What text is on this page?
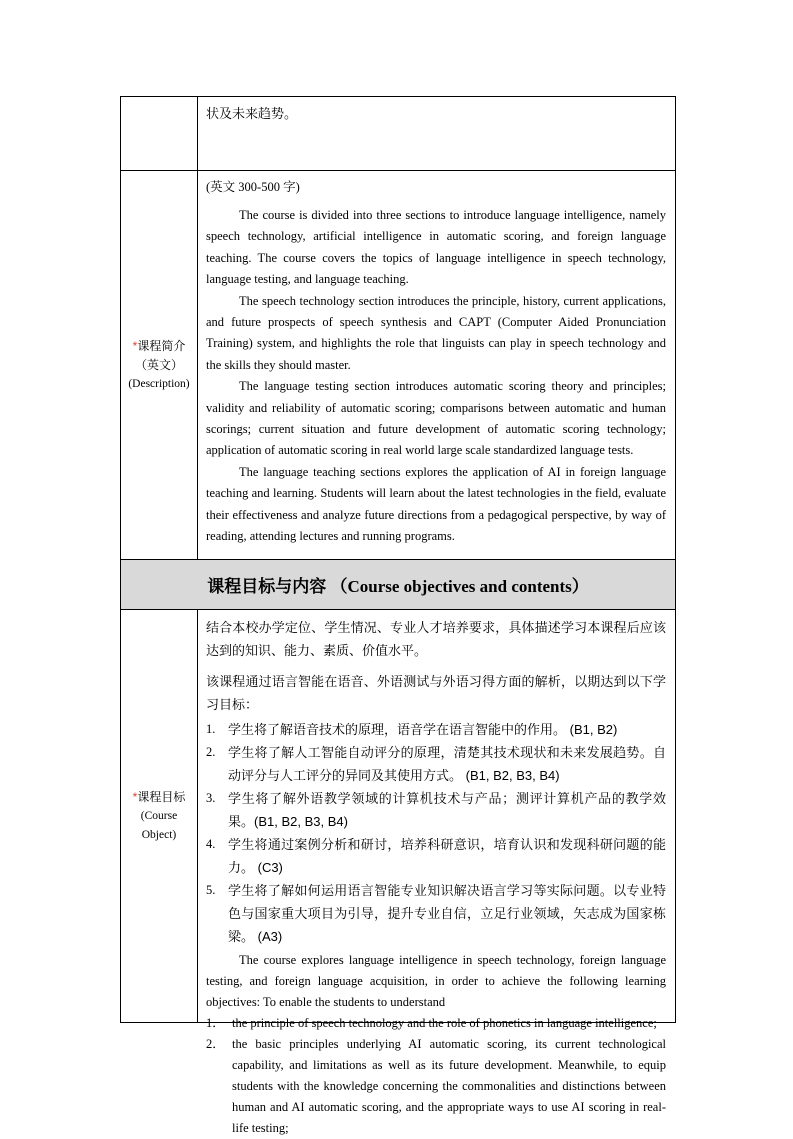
状及未来趋势。

*课程简介（英文）
(Description)

(英文 300-500 字)

The course is divided into three sections to introduce language intelligence, namely speech technology, artificial intelligence in automatic scoring, and foreign language teaching. The course covers the topics of language intelligence in speech technology, language testing, and language teaching.

The speech technology section introduces the principle, history, current applications, and future prospects of speech synthesis and CAPT (Computer Aided Pronunciation Training) system, and highlights the role that linguists can play in speech technology and the skills they should master.

The language testing section introduces automatic scoring theory and principles; validity and reliability of automatic scoring; comparisons between automatic and human scorings; current situation and future development of automatic scoring technology; application of automatic scoring in real world large scale standardized language tests.

The language teaching sections explores the application of AI in foreign language teaching and learning. Students will learn about the latest technologies in the field, evaluate their effectiveness and analyze future directions from a pedagogical perspective, by way of reading, attending lectures and running programs.

课程目标与内容 （Course objectives and contents）
*课程目标
(Course Object)

结合本校办学定位、学生情况、专业人才培养要求，具体描述学习本课程后应该达到的知识、能力、素质、价值水平。

该课程通过语言智能在语音、外语测试与外语习得方面的解析，以期达到以下学习目标：

1. 学生将了解语音技术的原理，语音学在语言智能中的作用。 (B1, B2)
2. 学生将了解人工智能自动评分的原理，清楚其技术现状和未来发展趋势。自动评分与人工评分的异同及其使用方式。 (B1, B2, B3, B4)
3. 学生将了解外语教学领域的计算机技术与产品；测评计算机产品的教学效果。(B1, B2, B3, B4)
4. 学生将通过案例分析和研讨，培养科研意识，培育认识和发现科研问题的能力。 (C3)
5. 学生将了解如何运用语言智能专业知识解决语言学习等实际问题。以专业特色与国家重大项目为引导，提升专业自信，立足行业领域，矢志成为国家栋梁。 (A3)

The course explores language intelligence in speech technology, foreign language testing, and foreign language acquisition, in order to achieve the following learning objectives: To enable the students to understand

1． the principle of speech technology and the role of phonetics in language intelligence;
2． the basic principles underlying AI automatic scoring, its current technological capability, and limitations as well as its future development. Meanwhile, to equip students with the knowledge concerning the commonalities and distinctions between human and AI automatic scoring, and the appropriate ways to use AI scoring in real-life testing;
